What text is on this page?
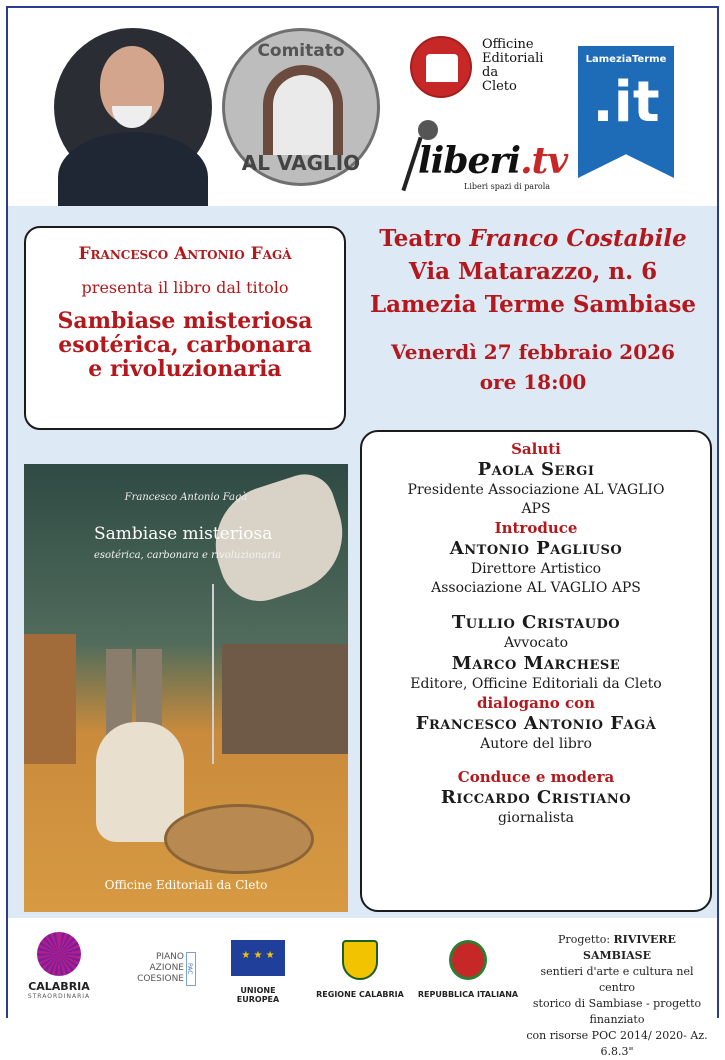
Comitato
AL VAGLIO
Officine
Editoriali
da
Cleto
liberi.tv
Liberi spazi di parola
LameziaTerme
.it
Francesco Antonio Fagà
presenta il libro dal titolo
Sambiase misteriosa
esotérica, carbonara
e rivoluzionaria
Teatro Franco Costabile
Via Matarazzo, n. 6
Lamezia Terme Sambiase
Venerdì 27 febbraio 2026
ore 18:00
Francesco Antonio Fagà
Sambiase misteriosa
esotérica, carbonara e rivoluzionaria
Officine Editoriali da Cleto
Saluti
Paola Sergi
Presidente Associazione AL VAGLIO
APS
Introduce
Antonio Pagliuso
Direttore Artistico
Associazione AL VAGLIO APS
Tullio Cristaudo
Avvocato
Marco Marchese
Editore, Officine Editoriali da Cleto
dialogano con
Francesco Antonio Fagà
Autore del libro
Conduce e modera
Riccardo Cristiano
giornalista
CALABRIA
STRAORDINARIA
PIANO
AZIONE
COESIONE
PAC
★ ★ ★
UNIONE EUROPEA
REGIONE CALABRIA REPUBBLICA ITALIANA
Progetto: RIVIVERE SAMBIASE
sentieri d'arte e cultura nel centro
storico di Sambiase - progetto finanziato
con risorse POC 2014/ 2020- Az. 6.8.3"
